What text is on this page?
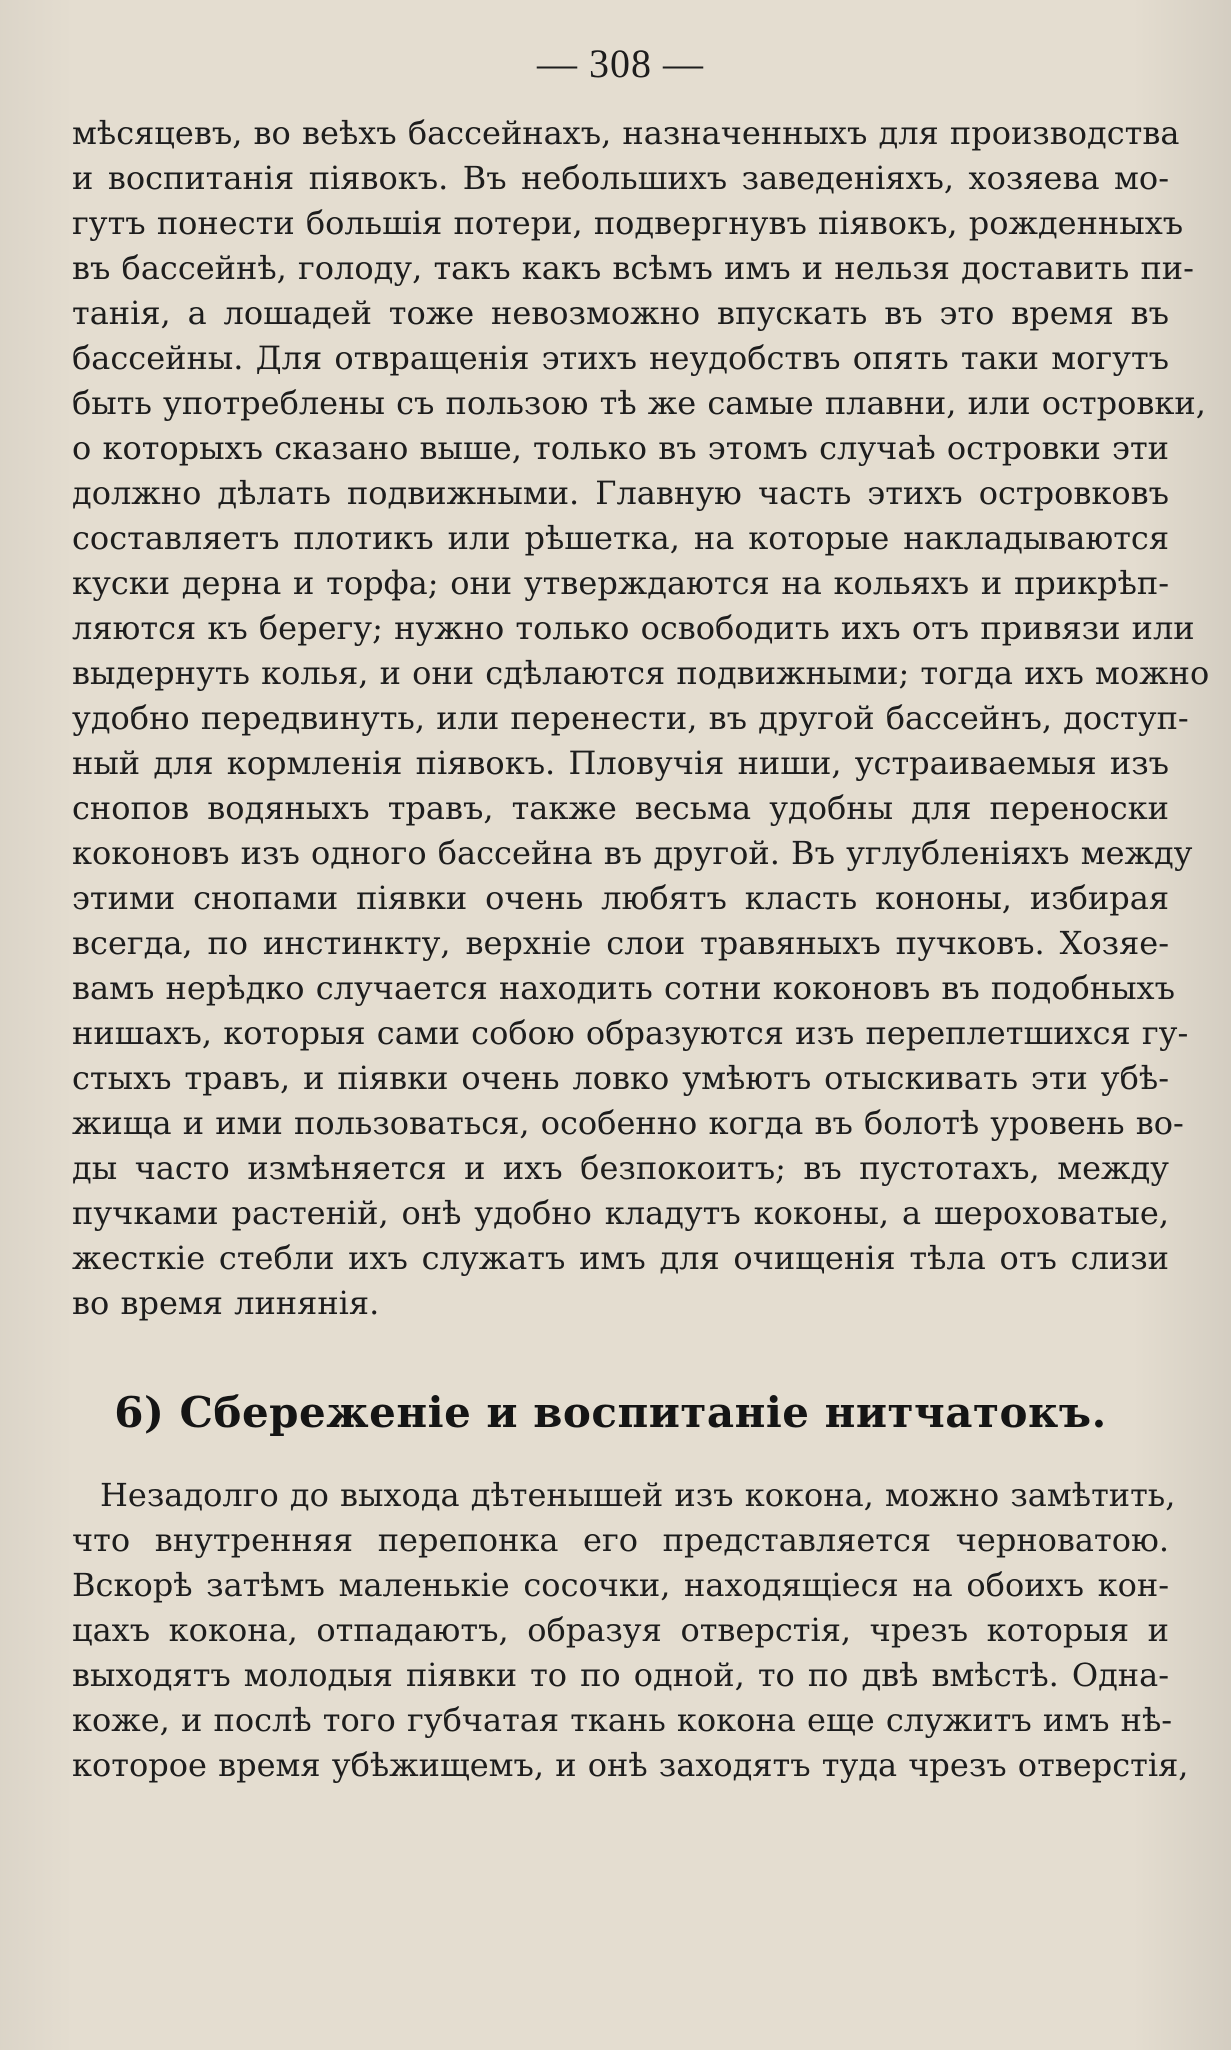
— 308 —

мѣсяцевъ, во веѣхъ бассейнахъ, назначенныхъ для производства
и воспитанія піявокъ. Въ небольшихъ заведеніяхъ, хозяева мо-
гутъ понести большія потери, подвергнувъ піявокъ, рожденныхъ
въ бассейнѣ, голоду, такъ какъ всѣмъ имъ и нельзя доставить пи-
танія, а лошадей тоже невозможно впускать въ это время въ
бассейны. Для отвращенія этихъ неудобствъ опять таки могутъ
быть употреблены съ пользою тѣ же самые плавни, или островки,
о которыхъ сказано выше, только въ этомъ случаѣ островки эти
должно дѣлать подвижными. Главную часть этихъ островковъ
составляетъ плотикъ или рѣшетка, на которые накладываются
куски дерна и торфа; они утверждаются на кольяхъ и прикрѣп-
ляются къ берегу; нужно только освободить ихъ отъ привязи или
выдернуть колья, и они сдѣлаются подвижными; тогда ихъ можно
удобно передвинуть, или перенести, въ другой бассейнъ, доступ-
ный для кормленія піявокъ. Пловучія ниши, устраиваемыя изъ
снопов водяныхъ травъ, также весьма удобны для переноски
коконовъ изъ одного бассейна въ другой. Въ углубленіяхъ между
этими снопами піявки очень любятъ класть кононы, избирая
всегда, по инстинкту, верхніе слои травяныхъ пучковъ. Хозяе-
вамъ нерѣдко случается находить сотни коконовъ въ подобныхъ
нишахъ, которыя сами собою образуются изъ переплетшихся гу-
стыхъ травъ, и піявки очень ловко умѣютъ отыскивать эти убѣ-
жища и ими пользоваться, особенно когда въ болотѣ уровень во-
ды часто измѣняется и ихъ безпокоитъ; въ пустотахъ, между
пучками растеній, онѣ удобно кладутъ коконы, а шероховатые,
жесткіе стебли ихъ служатъ имъ для очищенія тѣла отъ слизи
во время линянія.

6) Сбереженіе и воспитаніе нитчатокъ.

Незадолго до выхода дѣтенышей изъ кокона, можно замѣтить,
что внутренняя перепонка его представляется черноватою.
Вскорѣ затѣмъ маленькіе сосочки, находящіеся на обоихъ кон-
цахъ кокона, отпадаютъ, образуя отверстія, чрезъ которыя и
выходятъ молодыя піявки то по одной, то по двѣ вмѣстѣ. Одна-
коже, и послѣ того губчатая ткань кокона еще служитъ имъ нѣ-
которое время убѣжищемъ, и онѣ заходятъ туда чрезъ отверстія,
